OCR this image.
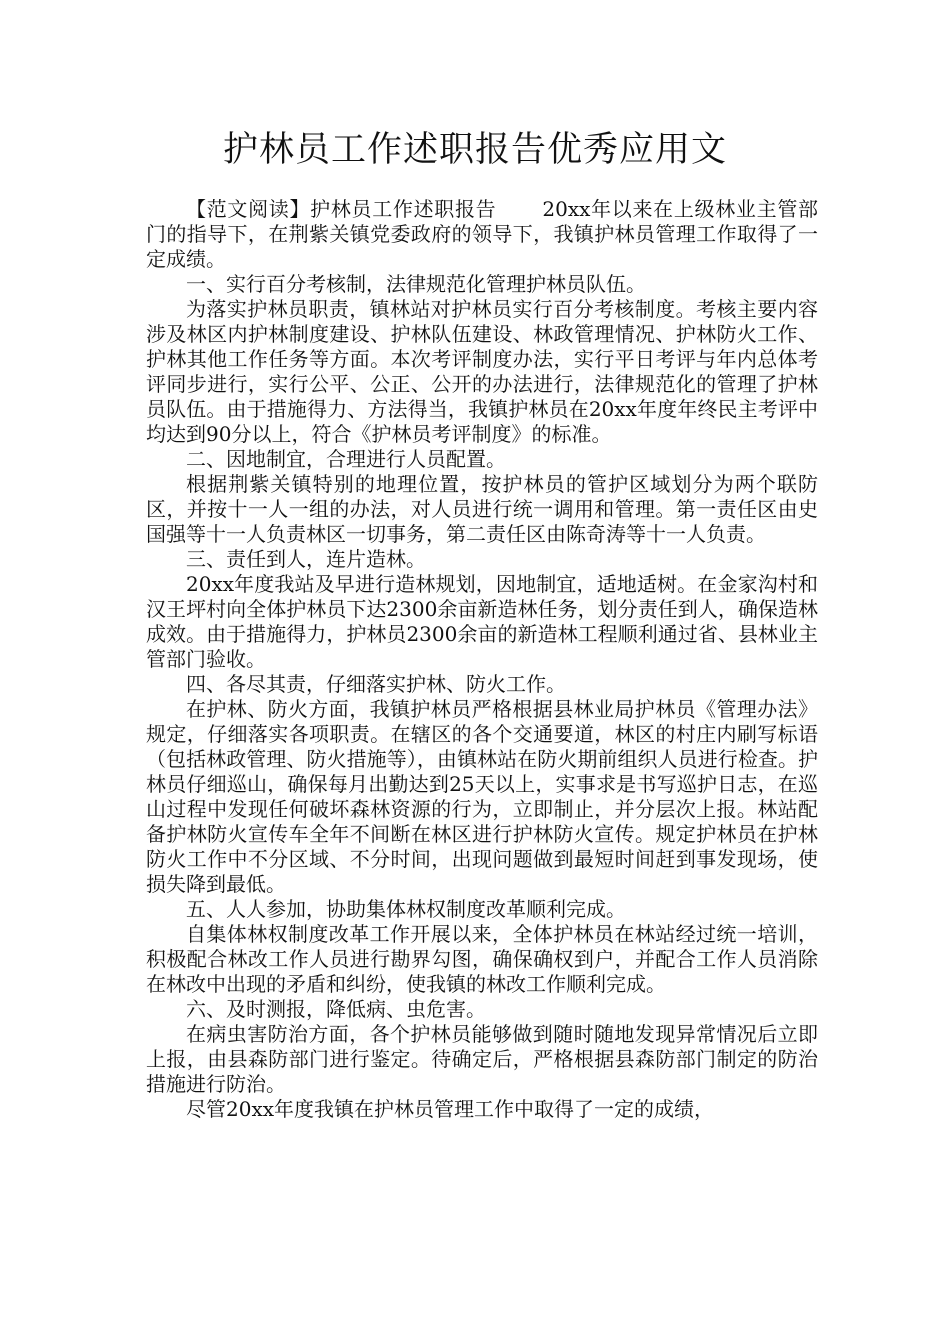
护林员工作述职报告优秀应用文

【范文阅读】护林员工作述职报告 20xx年以来在上级林业主管部门的指导下，在荆紫关镇党委政府的领导下，我镇护林员管理工作取得了一定成绩。

一、实行百分考核制，法律规范化管理护林员队伍。

为落实护林员职责，镇林站对护林员实行百分考核制度。考核主要内容涉及林区内护林制度建设、护林队伍建设、林政管理情况、护林防火工作、护林其他工作任务等方面。本次考评制度办法，实行平日考评与年内总体考评同步进行，实行公平、公正、公开的办法进行，法律规范化的管理了护林员队伍。由于措施得力、方法得当，我镇护林员在20xx年度年终民主考评中均达到90分以上，符合《护林员考评制度》的标准。

二、因地制宜，合理进行人员配置。

根据荆紫关镇特别的地理位置，按护林员的管护区域划分为两个联防区，并按十一人一组的办法，对人员进行统一调用和管理。第一责任区由史国强等十一人负责林区一切事务，第二责任区由陈奇涛等十一人负责。

三、责任到人，连片造林。

20xx年度我站及早进行造林规划，因地制宜，适地适树。在金家沟村和汉王坪村向全体护林员下达2300余亩新造林任务，划分责任到人，确保造林成效。由于措施得力，护林员2300余亩的新造林工程顺利通过省、县林业主管部门验收。

四、各尽其责，仔细落实护林、防火工作。

在护林、防火方面，我镇护林员严格根据县林业局护林员《管理办法》规定，仔细落实各项职责。在辖区的各个交通要道，林区的村庄内刷写标语（包括林政管理、防火措施等），由镇林站在防火期前组织人员进行检查。护林员仔细巡山，确保每月出勤达到25天以上，实事求是书写巡护日志，在巡山过程中发现任何破坏森林资源的行为，立即制止，并分层次上报。林站配备护林防火宣传车全年不间断在林区进行护林防火宣传。规定护林员在护林防火工作中不分区域、不分时间，出现问题做到最短时间赶到事发现场，使损失降到最低。

五、人人参加，协助集体林权制度改革顺利完成。

自集体林权制度改革工作开展以来，全体护林员在林站经过统一培训，积极配合林改工作人员进行勘界勾图，确保确权到户，并配合工作人员消除在林改中出现的矛盾和纠纷，使我镇的林改工作顺利完成。

六、及时测报，降低病、虫危害。

在病虫害防治方面，各个护林员能够做到随时随地发现异常情况后立即上报，由县森防部门进行鉴定。待确定后，严格根据县森防部门制定的防治措施进行防治。

尽管20xx年度我镇在护林员管理工作中取得了一定的成绩，
